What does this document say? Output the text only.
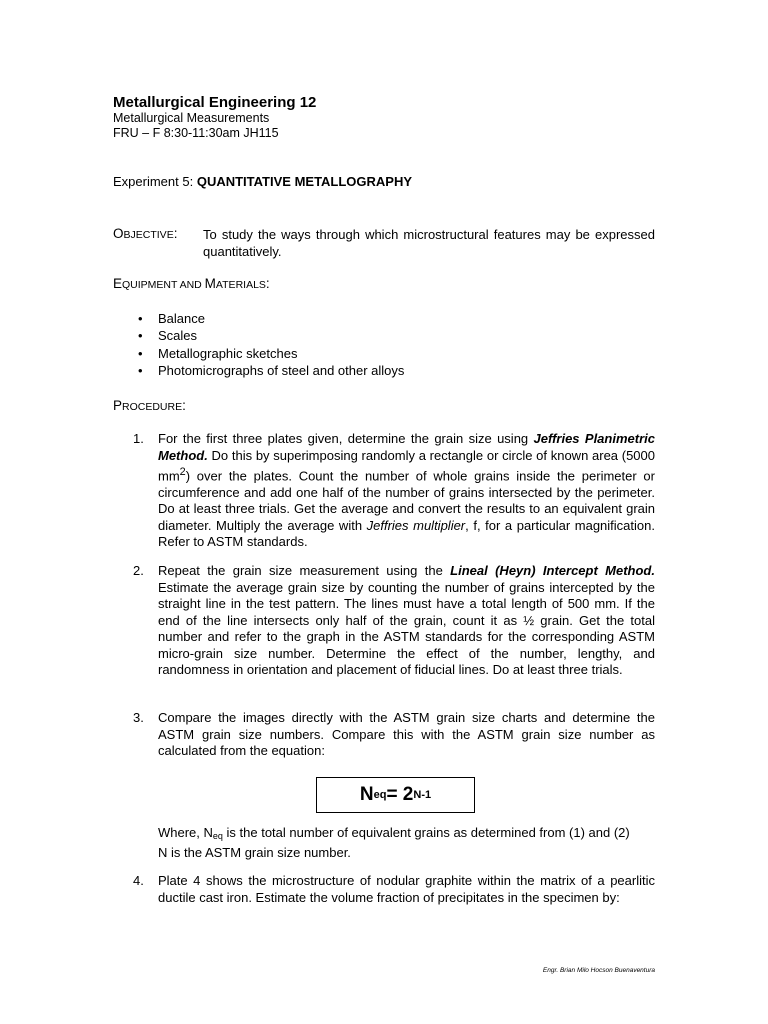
Metallurgical Engineering 12
Metallurgical Measurements
FRU – F 8:30-11:30am JH115
Experiment 5: QUANTITATIVE METALLOGRAPHY
OBJECTIVE: To study the ways through which microstructural features may be expressed quantitatively.
EQUIPMENT AND MATERIALS:
• Balance
• Scales
• Metallographic sketches
• Photomicrographs of steel and other alloys
PROCEDURE:
1.	For the first three plates given, determine the grain size using Jeffries Planimetric Method. Do this by superimposing randomly a rectangle or circle of known area (5000 $mm^2$) over the plates. Count the number of whole grains inside the perimeter or circumference and add one half of the number of grains intersected by the perimeter. Do at least three trials. Get the average and convert the results to an equivalent grain diameter. Multiply the average with Jeffries multiplier, f, for a particular magnification. Refer to ASTM standards.
2.	Repeat the grain size measurement using the Lineal (Heyn) Intercept Method. Estimate the average grain size by counting the number of grains intercepted by the straight line in the test pattern. The lines must have a total length of 500 mm. If the end of the line intersects only half of the grain, count it as ½ grain. Get the total number and refer to the graph in the ASTM standards for the corresponding ASTM micro-grain size number. Determine the effect of the number, lengthy, and randomness in orientation and placement of fiducial lines. Do at least three trials.
3.	Compare the images directly with the ASTM grain size charts and determine the ASTM grain size numbers. Compare this with the ASTM grain size number as calculated from the equation:
N eq = 2 N-1
Where, $N_{eq}$ is the total number of equivalent grains as determined from (1) and (2)
N is the ASTM grain size number.
4.	Plate 4 shows the microstructure of nodular graphite within the matrix of a pearlitic ductile cast iron. Estimate the volume fraction of precipitates in the specimen by:
Engr. Brian Milo Hocson Buenaventura
